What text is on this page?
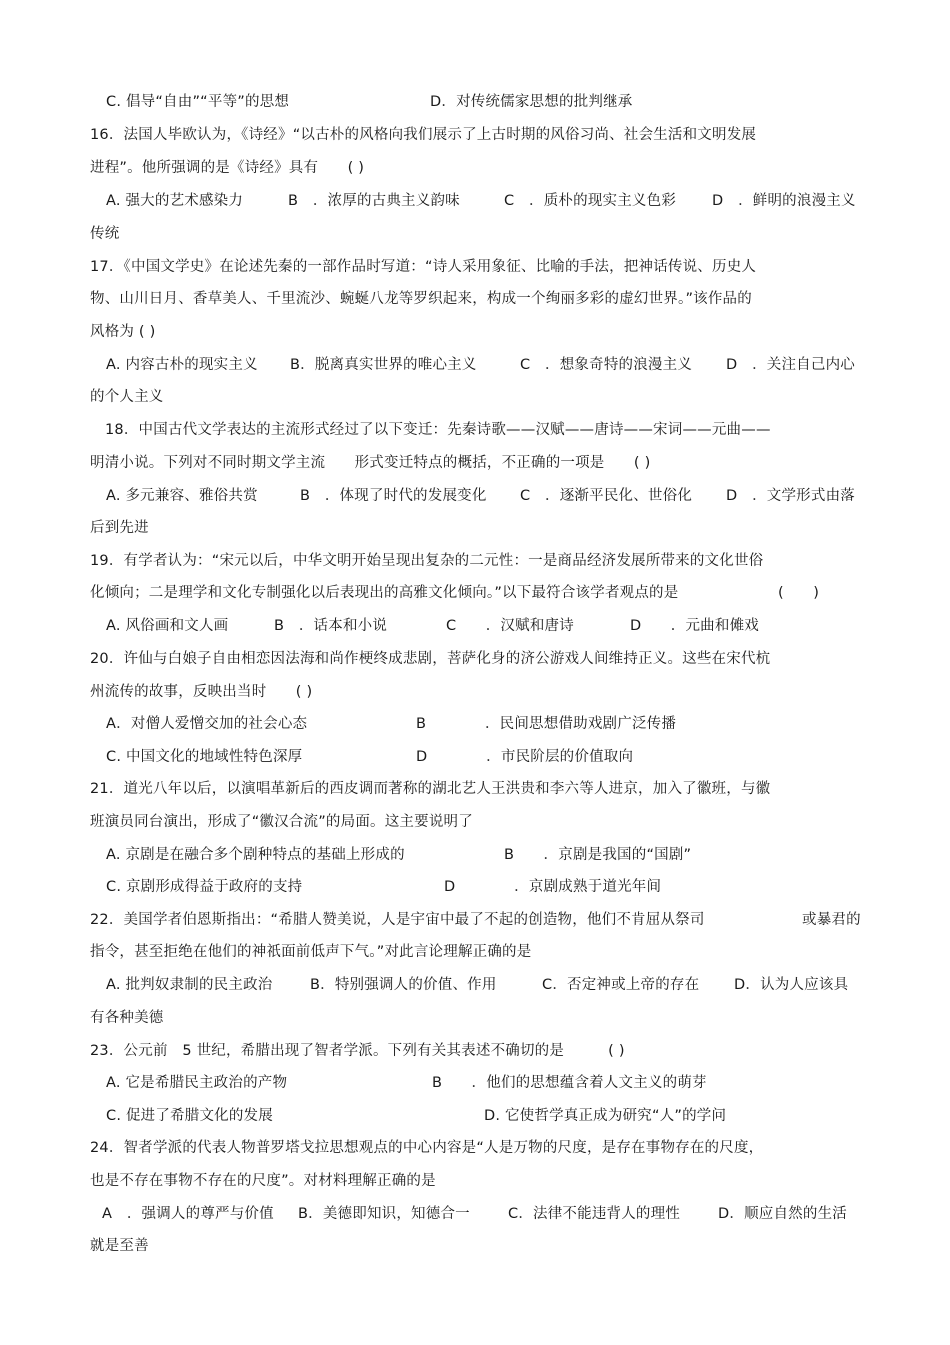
C. 倡导“自由”“平等”的思想	D．对传统儒家思想的批判继承
16．法国人毕欧认为，《诗经》“以古朴的风格向我们展示了上古时期的风俗习尚、社会生活和文明发展
进程”。他所强调的是《诗经》具有　　( )
A. 强大的艺术感染力	B　．浓厚的古典主义韵味	C　．质朴的现实主义色彩 D　．鲜明的浪漫主义
传统
17．《中国文学史》在论述先秦的一部作品时写道：“诗人采用象征、比喻的手法，把神话传说、历史人
物、山川日月、香草美人、千里流沙、蜿蜒八龙等罗织起来，构成一个绚丽多彩的虚幻世界。”该作品的
风格为 ( )
A. 内容古朴的现实主义 B．脱离真实世界的唯心主义	C　．想象奇特的浪漫主义 D　．关注自己内心
的个人主义
18．中国古代文学表达的主流形式经过了以下变迁：先秦诗歌——汉赋——唐诗——宋词——元曲——
明清小说。下列对不同时期文学主流　　形式变迁特点的概括，不正确的一项是　　( )
A. 多元兼容、雅俗共赏	B　．体现了时代的发展变化 C　．逐渐平民化、世俗化 D　．文学形式由落
后到先进
19．有学者认为：“宋元以后，中华文明开始呈现出复杂的二元性：一是商品经济发展所带来的文化世俗
化倾向；二是理学和文化专制强化以后表现出的高雅文化倾向。”以下最符合该学者观点的是	(　　)
A. 风俗画和文人画	B　．话本和小说	C　　．汉赋和唐诗	D　　．元曲和傩戏
20．许仙与白娘子自由相恋因法海和尚作梗终成悲剧，菩萨化身的济公游戏人间维持正义。这些在宋代杭
州流传的故事，反映出当时　　( )
A．对僧人爱憎交加的社会心态	B　　　　．民间思想借助戏剧广泛传播
C. 中国文化的地域性特色深厚	D　　　　．市民阶层的价值取向
21．道光八年以后，以演唱革新后的西皮调而著称的湖北艺人王洪贵和李六等人进京，加入了徽班，与徽
班演员同台演出，形成了“徽汉合流”的局面。这主要说明了
A. 京剧是在融合多个剧种特点的基础上形成的	B　　．京剧是我国的“国剧”
C. 京剧形成得益于政府的支持	D　　　　．京剧成熟于道光年间
22．美国学者伯恩斯指出：“希腊人赞美说，人是宇宙中最了不起的创造物，他们不肯屈从祭司	或暴君的
指令，甚至拒绝在他们的神祇面前低声下气。”对此言论理解正确的是
A. 批判奴隶制的民主政治	B．特别强调人的价值、作用	C．否定神或上帝的存在 D．认为人应该具
有各种美德
23．公元前　5 世纪，希腊出现了智者学派。下列有关其表述不确切的是　　　( )
A. 它是希腊民主政治的产物	B　　．他们的思想蕴含着人文主义的萌芽
C. 促进了希腊文化的发展	D. 它使哲学真正成为研究“人”的学问
24．智者学派的代表人物普罗塔戈拉思想观点的中心内容是“人是万物的尺度，是存在事物存在的尺度，
也是不存在事物不存在的尺度”。对材料理解正确的是
A　．强调人的尊严与价值 B．美德即知识，知德合一	C．法律不能违背人的理性	D．顺应自然的生活
就是至善
